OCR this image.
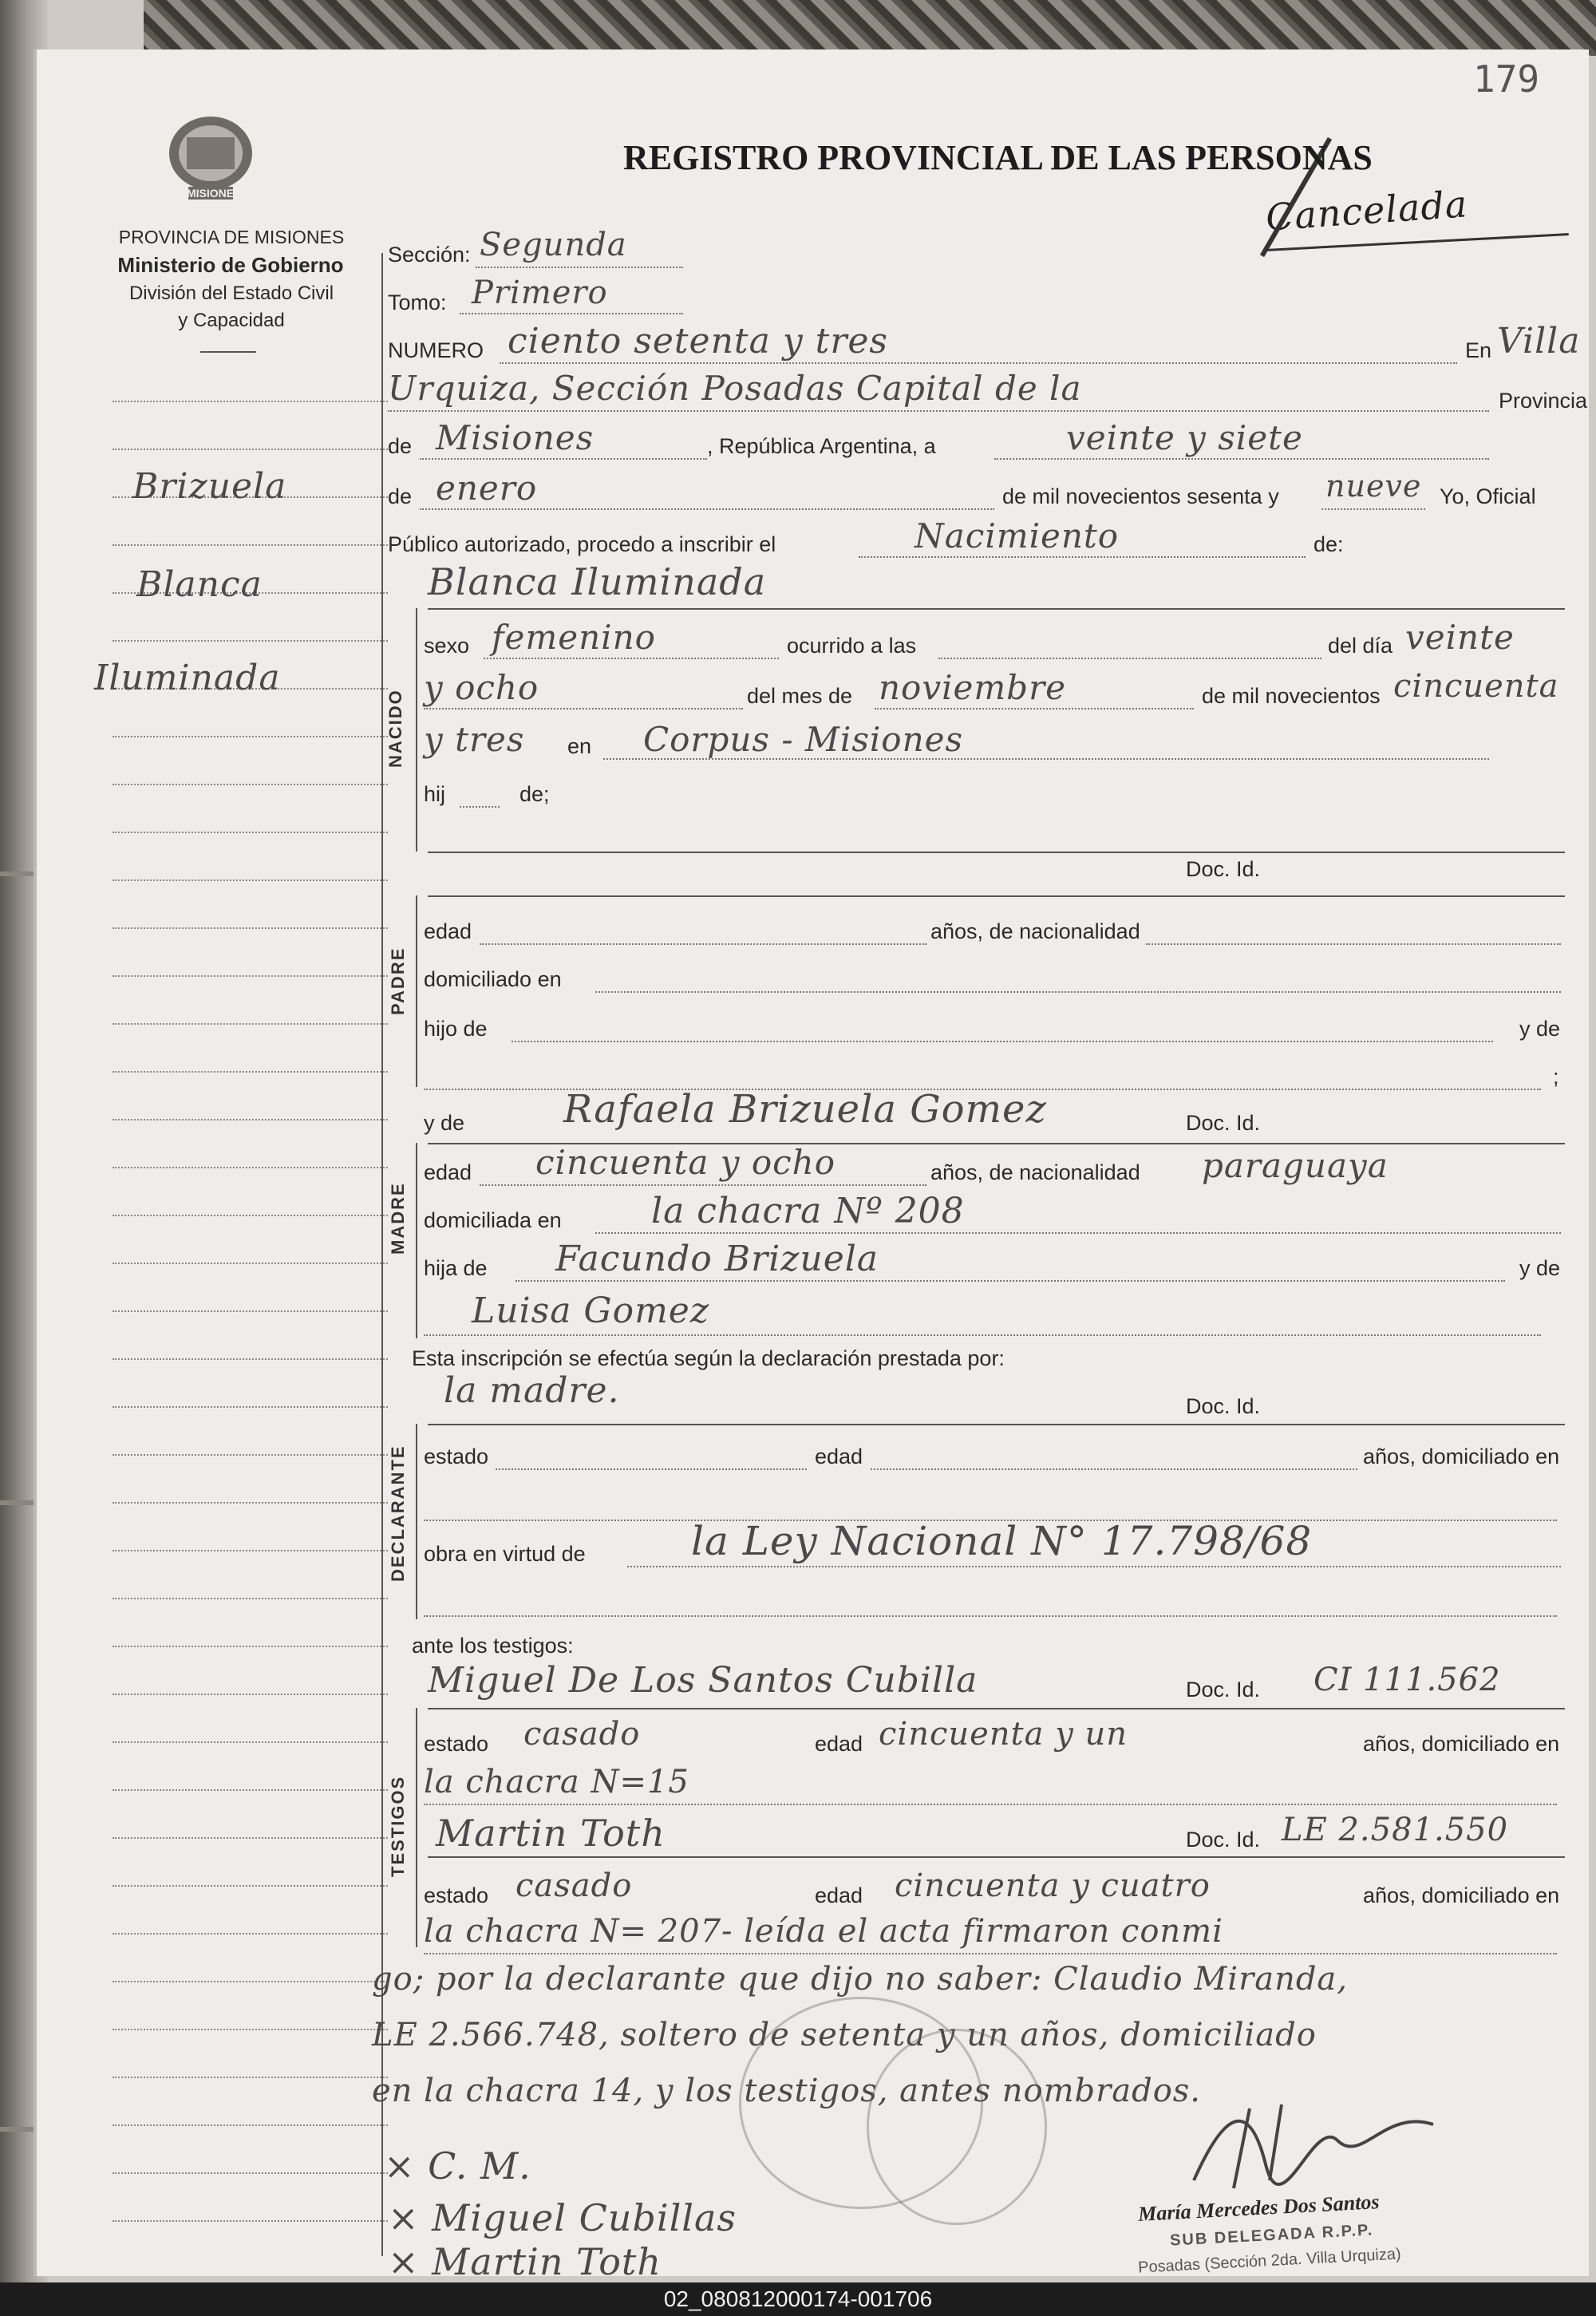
179
Cancelada
REGISTRO PROVINCIAL DE LAS PERSONAS
MISIONES
PROVINCIA DE MISIONES
Ministerio de Gobierno
División del Estado Civil
y Capacidad
Brizuela
Blanca
Iluminada
Sección: Segunda
Tomo: Primero
NUMERO ciento setenta y tres	En Villa
Urquiza, Sección Posadas Capital de la	Provincia
de Misiones	, República Argentina, a	veinte y siete
de enero	de mil novecientos sesenta y nueve Yo, Oficial
Público autorizado, procedo a inscribir el	Nacimiento	de:
Blanca Iluminada
NACIDO
sexo femenino	ocurrido a las	del día veinte
y ocho	del mes de noviembre	de mil novecientos cincuenta
y tres en Corpus - Misiones
hij	de;
Doc. Id.
PADRE
edad	años, de nacionalidad
domiciliado en
hijo de	y de
;
Rafaela Brizuela Gomez
y de	Doc. Id.
MADRE
edad cincuenta y ocho	años, de nacionalidad paraguaya
domiciliada en	la chacra Nº 208
hija de Facundo Brizuela	y de
Luisa Gomez
Esta inscripción se efectúa según la declaración prestada por:
la madre.	Doc. Id.
DECLARANTE estado	edad	años, domiciliado en
obra en virtud de	la Ley Nacional N° 17.798/68
ante los testigos:
Miguel De Los Santos Cubilla	Doc. Id. CI 111.562
TESTIGOS
estado casado	edad cincuenta y un	años, domiciliado en
la chacra N=15
Martin Toth	Doc. Id. LE 2.581.550
estado casado	edad cincuenta y cuatro	años, domiciliado en
la chacra N= 207- leída el acta firmaron conmi
go; por la declarante que dijo no saber: Claudio Miranda,
LE 2.566.748, soltero de setenta y un años, domiciliado
en la chacra 14, y los testigos, antes nombrados.
× C. M.
× Miguel Cubillas
× Martin Toth
María Mercedes Dos Santos
SUB DELEGADA R.P.P.
Posadas (Sección 2da. Villa Urquiza)
02_080812000174-001706
